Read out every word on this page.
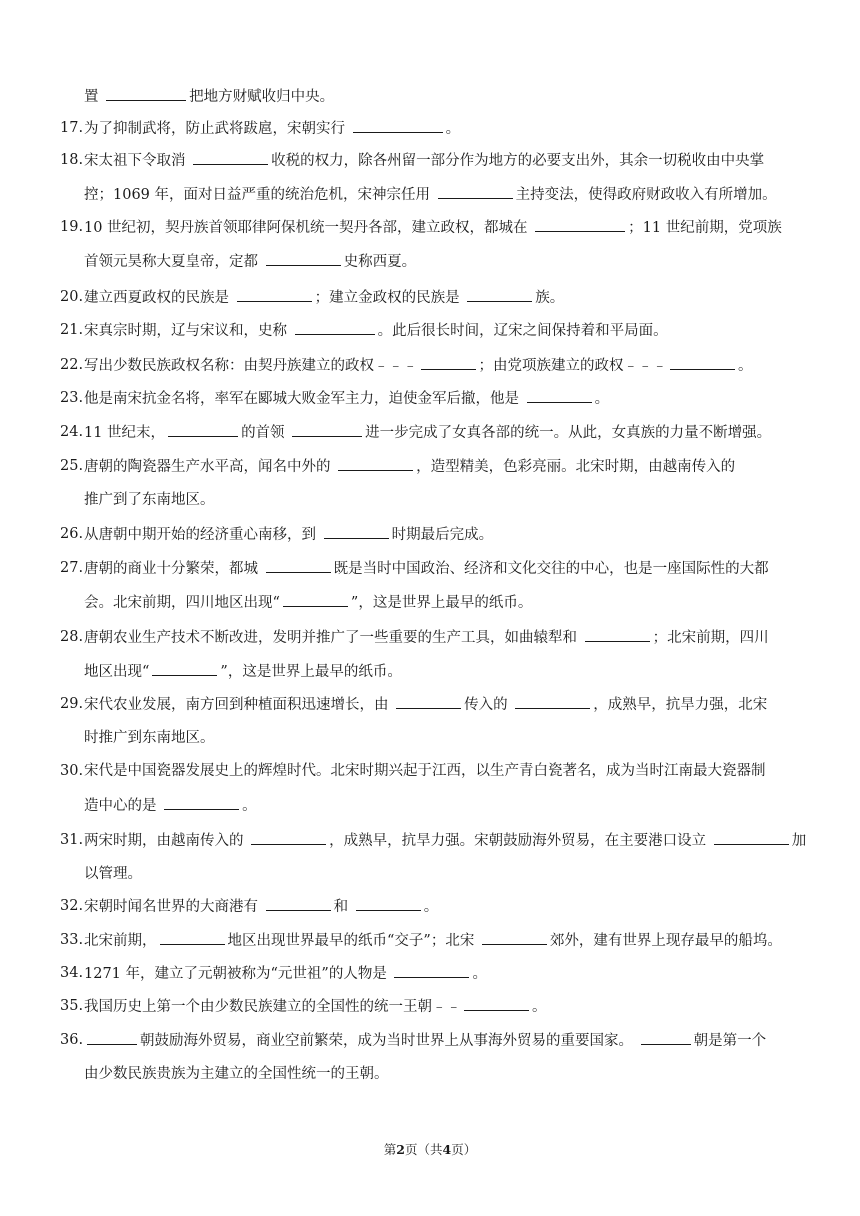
置	把地方财赋收归中央。
17. 为了抑制武将，防止武将跋扈，宋朝实行	。
18. 宋太祖下令取消	收税的权力，除各州留一部分作为地方的必要支出外，其余一切税收由中央掌
控；1069 年，面对日益严重的统治危机，宋神宗任用	主持变法，使得政府财政收入有所增加。
19. 10 世纪初，契丹族首领耶律阿保机统一契丹各部，建立政权，都城在	；11 世纪前期，党项族
首领元昊称大夏皇帝，定都	史称西夏。
20. 建立西夏政权的民族是	；建立金政权的民族是	族。
21. 宋真宗时期，辽与宋议和，史称	。此后很长时间，辽宋之间保持着和平局面。
22. 写出少数民族政权名称：由契丹族建立的政权﹣﹣﹣	；由党项族建立的政权﹣﹣﹣	。
23. 他是南宋抗金名将，率军在郾城大败金军主力，迫使金军后撤，他是	。
24. 11 世纪末，	的首领	进一步完成了女真各部的统一。从此，女真族的力量不断增强。
25. 唐朝的陶瓷器生产水平高，闻名中外的	，造型精美，色彩亮丽。北宋时期，由越南传入的
推广到了东南地区。
26. 从唐朝中期开始的经济重心南移，到	时期最后完成。
27. 唐朝的商业十分繁荣，都城	既是当时中国政治、经济和文化交往的中心，也是一座国际性的大都
会。北宋前期，四川地区出现“	”，这是世界上最早的纸币。
28. 唐朝农业生产技术不断改进，发明并推广了一些重要的生产工具，如曲辕犁和	；北宋前期，四川
地区出现“	”，这是世界上最早的纸币。
29. 宋代农业发展，南方回到种植面积迅速增长，由	传入的	，成熟早，抗旱力强，北宋
时推广到东南地区。
30. 宋代是中国瓷器发展史上的辉煌时代。北宋时期兴起于江西，以生产青白瓷著名，成为当时江南最大瓷器制
造中心的是	。
31. 两宋时期，由越南传入的	，成熟早，抗旱力强。宋朝鼓励海外贸易，在主要港口设立	加
以管理。
32. 宋朝时闻名世界的大商港有	和	。
33. 北宋前期，	地区出现世界最早的纸币“交子”；北宋	郊外，建有世界上现存最早的船坞。
34. 1271 年，建立了元朝被称为“元世祖”的人物是	。
35. 我国历史上第一个由少数民族建立的全国性的统一王朝﹣﹣	。
36.	朝鼓励海外贸易，商业空前繁荣，成为当时世界上从事海外贸易的重要国家。	朝是第一个
由少数民族贵族为主建立的全国性统一的王朝。
第2页（共4页）
